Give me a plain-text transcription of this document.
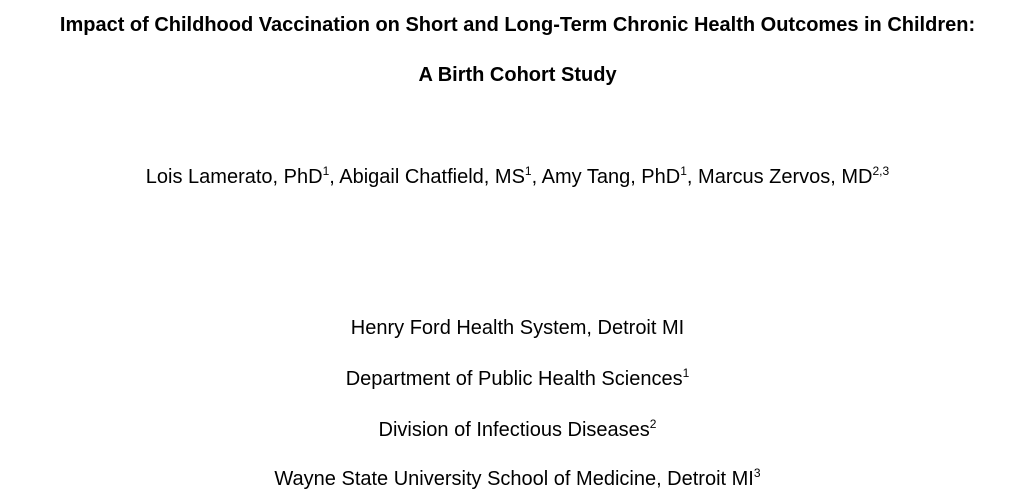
Impact of Childhood Vaccination on Short and Long-Term Chronic Health Outcomes in Children:
A Birth Cohort Study
Lois Lamerato, PhD$^1$, Abigail Chatfield, $MS^1$, Amy Tang, PhD$^1$, Marcus Zervos, MD$^{2,3}$
Henry Ford Health System, Detroit MI
Department of Public Health Sciences$^1$
Division of Infectious Diseases$^2$
Wayne State University School of Medicine, Detroit $MI^3$
